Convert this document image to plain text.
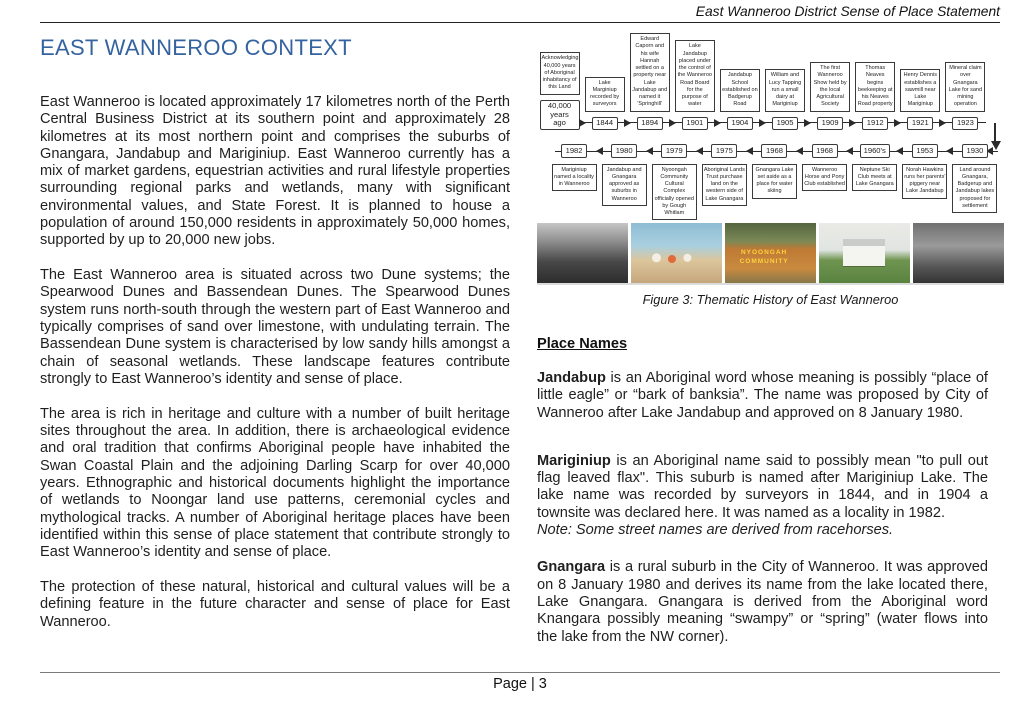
East Wanneroo District Sense of Place Statement
EAST WANNEROO CONTEXT

East Wanneroo is located approximately 17 kilometres north of the Perth Central Business District at its southern point and approximately 28 kilometres at its most northern point and comprises the suburbs of Gnangara, Jandabup and Mariginiup. East Wanneroo currently has a mix of market gardens, equestrian activities and rural lifestyle properties surrounding regional parks and wetlands, many with significant environmental values, and State Forest. It is planned to house a population of around 150,000 residents in approximately 50,000 homes, supported by up to 20,000 new jobs.

The East Wanneroo area is situated across two Dune systems; the Spearwood Dunes and Bassendean Dunes. The Spearwood Dunes system runs north-south through the western part of East Wanneroo and typically comprises of sand over limestone, with undulating terrain. The Bassendean Dune system is characterised by low sandy hills amongst a chain of seasonal wetlands. These landscape features contribute strongly to East Wanneroo’s identity and sense of place.

The area is rich in heritage and culture with a number of built heritage sites throughout the area. In addition, there is archaeological evidence and oral tradition that confirms Aboriginal people have inhabited the Swan Coastal Plain and the adjoining Darling Scarp for over 40,000 years. Ethnographic and historical documents highlight the importance of wetlands to Noongar land use patterns, ceremonial cycles and mythological tracks. A number of Aboriginal heritage places have been identified within this sense of place statement that contribute strongly to East Wanneroo’s identity and sense of place.

The protection of these natural, historical and cultural values will be a defining feature in the future character and sense of place for East Wanneroo.

Acknowledging 40,000 years of Aboriginal inhabitancy of this Land
40,000 years ago
Lake Marginiup recorded by surveyors
1844
Edward Caporn and his wife Hannah settled on a property near Lake Jandabup and named it 'Springhill'
1894
Lake Jandabup placed under the control of the Wanneroo Road Board for the purpose of water
1901
Jandabup School established on Badgerup Road
1904
William and Lucy Tapping run a small dairy at Mariginiup
1905
The first Wanneroo Show held by the local Agricultural Society
1909
Thomas Neaves begins beekeeping at his Neaves Road property
1912
Henry Dennis establishes a sawmill near Lake Mariginiup
1921
Mineral claim over Gnangara Lake for sand mining operation
1923
1982
Mariginiup named a locality in Wanneroo
1980
Jandabup and Gnangara approved as suburbs in Wanneroo
1979
Nyoongah Community Cultural Complex officially opened by Gough Whitlam
1975
Aboriginal Lands Trust purchase land on the western side of Lake Gnangara
1968
Gnangara Lake set aside as a place for water skiing
1968
Wanneroo Horse and Pony Club established
1960's
Neptune Ski Club meets at Lake Gnangara
1953
Norah Hawkins runs her parents' piggery near Lake Jandabup
1930
Land around Gnangara, Badgerup and Jandabup lakes proposed for settlement
NYOONGAH COMMUNITY
Figure 3: Thematic History of East Wanneroo
Place Names

Jandabup is an Aboriginal word whose meaning is possibly “place of little eagle” or “bark of banksia”. The name was proposed by City of Wanneroo after Lake Jandabup and approved on 8 January 1980.

Mariginiup is an Aboriginal name said to possibly mean "to pull out flag leaved flax". This suburb is named after Mariginiup Lake. The lake name was recorded by surveyors in 1844, and in 1904 a townsite was declared here. It was named as a locality in 1982.
Note: Some street names are derived from racehorses.

Gnangara is a rural suburb in the City of Wanneroo. It was approved on 8 January 1980 and derives its name from the lake located there, Lake Gnangara. Gnangara is derived from the Aboriginal word Knangara possibly meaning “swampy” or “spring” (water flows into the lake from the NW corner).

Page | 3
